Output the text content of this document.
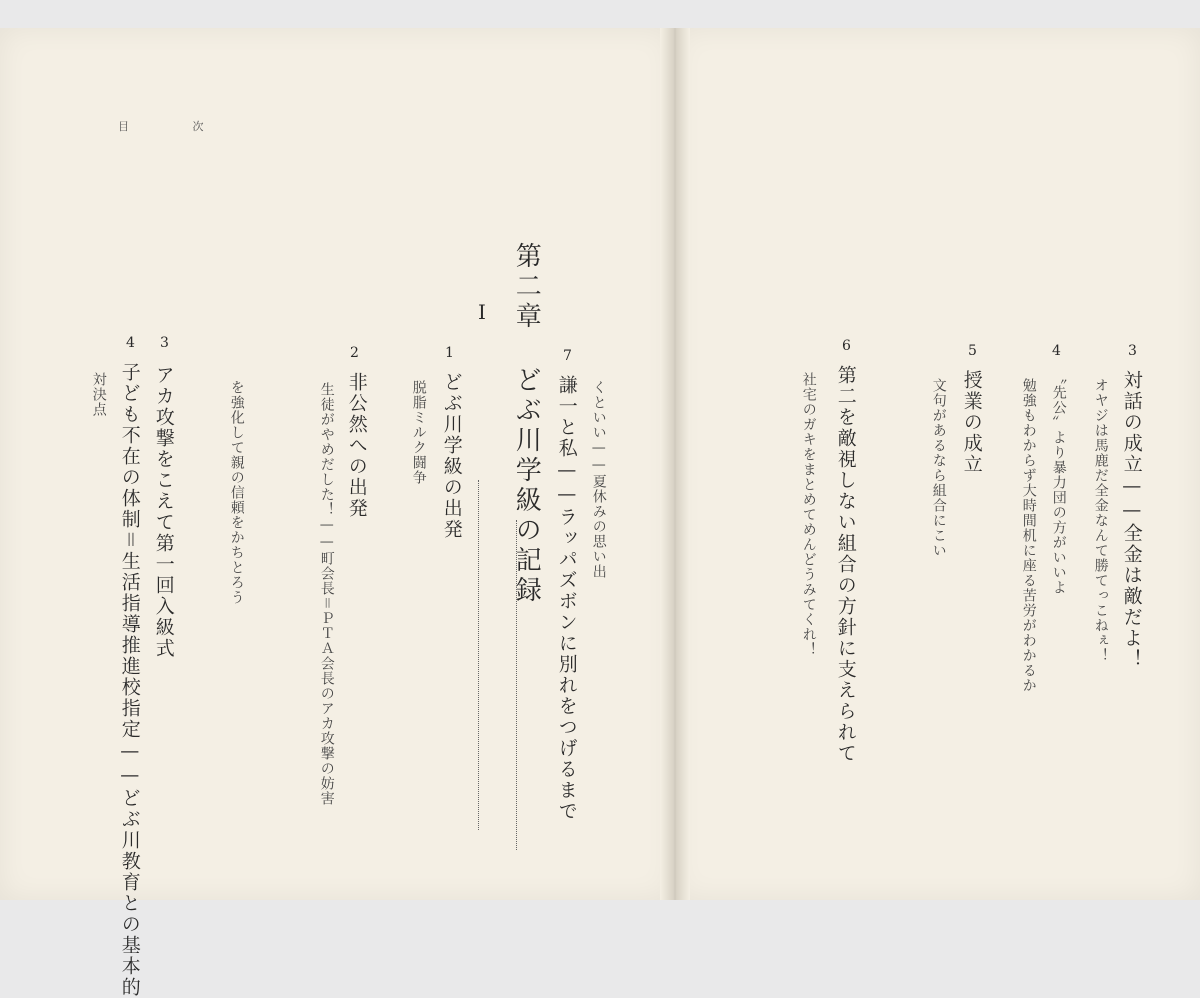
目 次
第二章 どぶ川学級の記録
I
7
謙一と私——ラッパズボンに別れをつげるまで くといい——夏休みの思い出
1
どぶ川学級の出発
脱脂ミルク闘争
2
非公然への出発
生徒がやめだした！——町会長＝ＰＴＡ会長のアカ攻撃の妨害
3
アカ攻撃をこえて第一回入級式	を強化して親の信頼をかちとろう
4
子ども不在の体制＝生活指導推進校指定——どぶ川教育との基本的
対決点
6
第二を敵視しない組合の方針に支えられて
社宅のガキをまとめてめんどうみてくれ！
5
授業の成立
文句があるなら組合にこい
4
〝先公〟より暴力団の方がいいよ
勉強もわからず大時間机に座る苦労がわかるか
3
対話の成立——全金は敵だよ！
オヤジは馬鹿だ全金なんて勝てっこねぇ！
